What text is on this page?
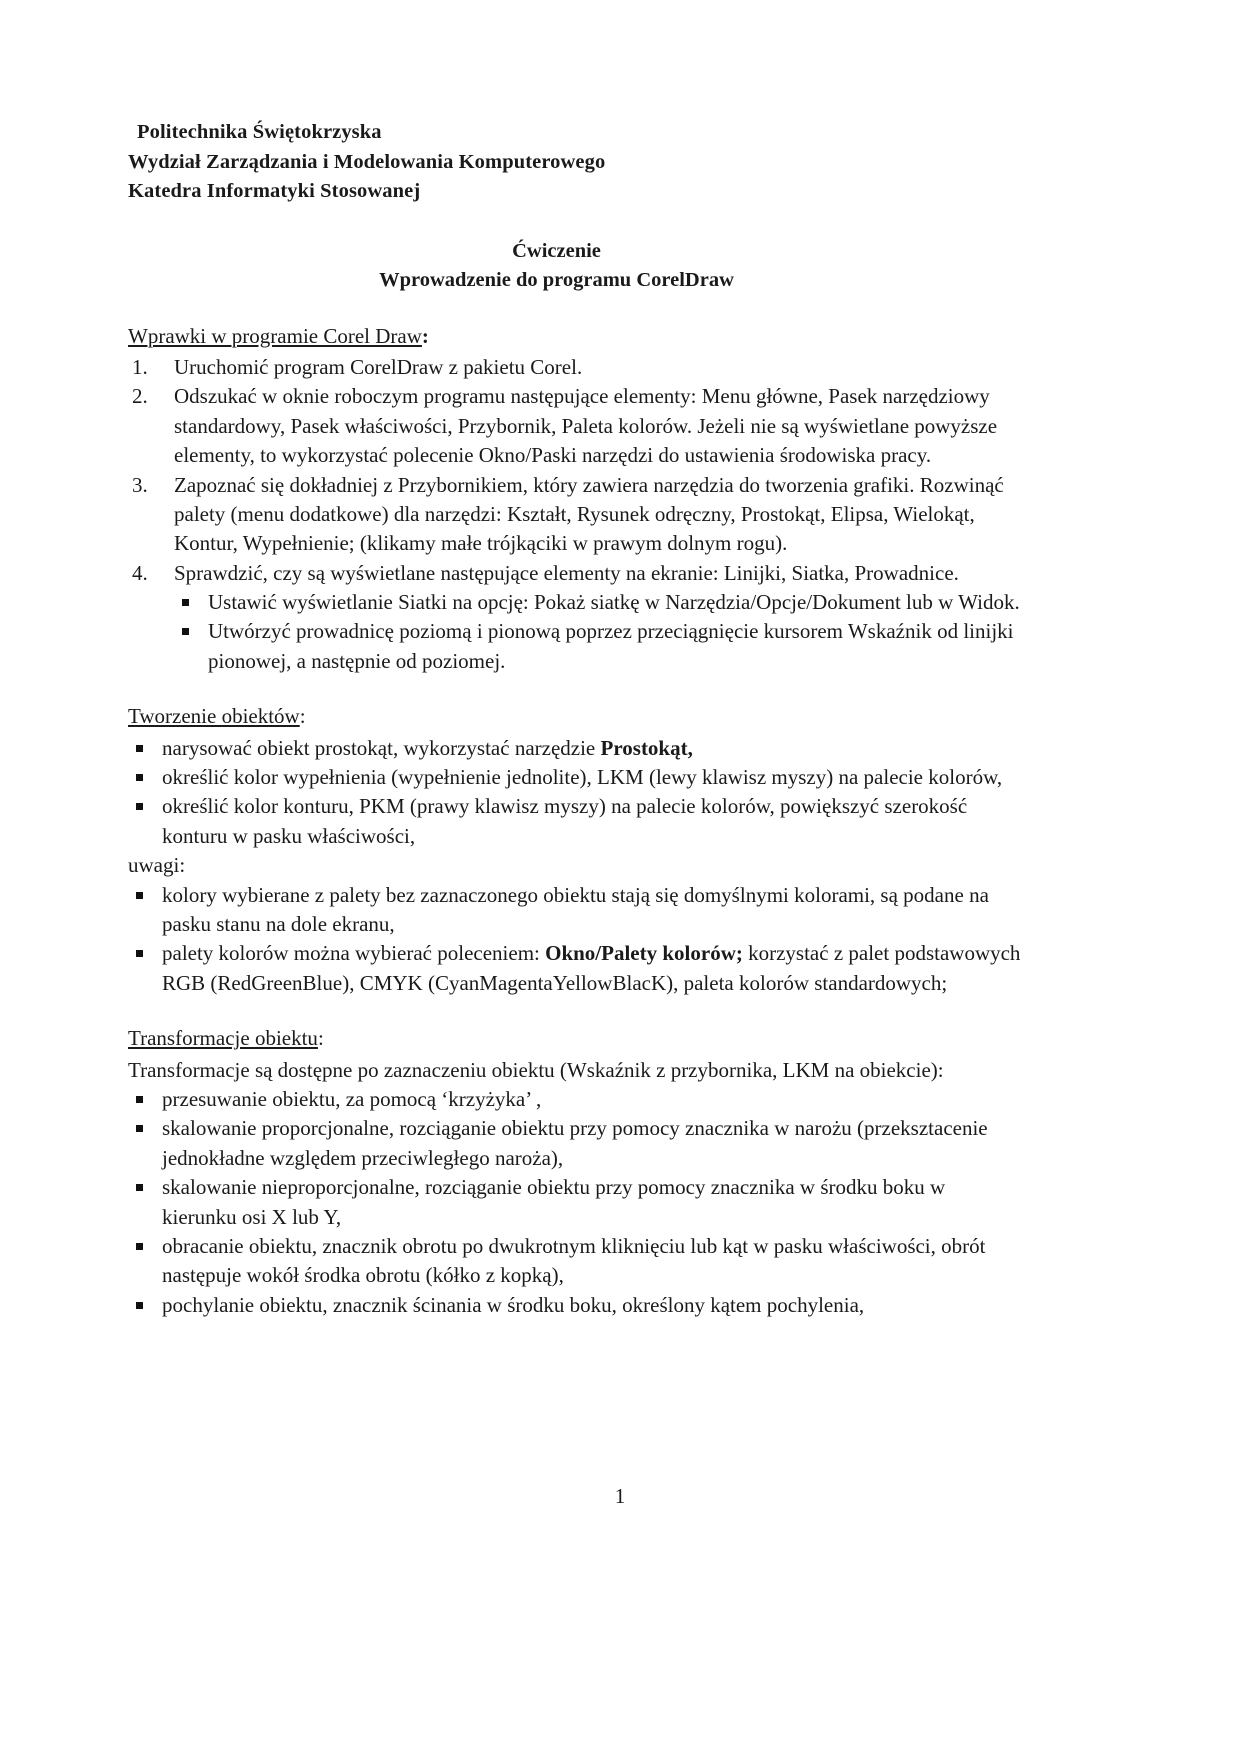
Politechnika Świętokrzyska
Wydział Zarządzania i Modelowania Komputerowego
Katedra Informatyki Stosowanej
Ćwiczenie
Wprowadzenie do programu CorelDraw

Wprawki w programie Corel Draw:

1.	Uruchomić program CorelDraw z pakietu Corel.
2.	Odszukać w oknie roboczym programu następujące elementy: Menu główne, Pasek narzędziowy standardowy, Pasek właściwości, Przybornik, Paleta kolorów. Jeżeli nie są wyświetlane powyższe elementy, to wykorzystać polecenie Okno/Paski narzędzi do ustawienia środowiska pracy.
3.	Zapoznać się dokładniej z Przybornikiem, który zawiera narzędzia do tworzenia grafiki. Rozwinąć palety (menu dodatkowe) dla narzędzi: Kształt, Rysunek odręczny, Prostokąt, Elipsa, Wielokąt, Kontur, Wypełnienie; (klikamy małe trójkąciki w prawym dolnym rogu).
4.	Sprawdzić, czy są wyświetlane następujące elementy na ekranie: Linijki, Siatka, Prowadnice.
Ustawić wyświetlanie Siatki na opcję: Pokaż siatkę w Narzędzia/Opcje/Dokument lub w Widok.
Utwórzyć prowadnicę poziomą i pionową poprzez przeciągnięcie kursorem Wskaźnik od linijki pionowej, a następnie od poziomej.

Tworzenie obiektów:

narysować obiekt prostokąt, wykorzystać narzędzie Prostokąt,
określić kolor wypełnienia (wypełnienie jednolite), LKM (lewy klawisz myszy) na palecie kolorów,
określić kolor konturu, PKM (prawy klawisz myszy) na palecie kolorów, powiększyć szerokość konturu w pasku właściwości,

uwagi:

kolory wybierane z palety bez zaznaczonego obiektu stają się domyślnymi kolorami, są podane na pasku stanu na dole ekranu,
palety kolorów można wybierać poleceniem: Okno/Palety kolorów; korzystać z palet podstawowych RGB (RedGreenBlue), CMYK (CyanMagentaYellowBlacK), paleta kolorów standardowych;

Transformacje obiektu:

Transformacje są dostępne po zaznaczeniu obiektu (Wskaźnik z przybornika, LKM na obiekcie):

przesuwanie obiektu, za pomocą ‘krzyżyka’ ,
skalowanie proporcjonalne, rozciąganie obiektu przy pomocy znacznika w narożu (przeksztacenie jednokładne względem przeciwległego naroża),
skalowanie nieproporcjonalne, rozciąganie obiektu przy pomocy znacznika w środku boku w kierunku osi X lub Y,
obracanie obiektu, znacznik obrotu po dwukrotnym kliknięciu lub kąt w pasku właściwości, obrót następuje wokół środka obrotu (kółko z kopką),
pochylanie obiektu, znacznik ścinania w środku boku, określony kątem pochylenia,
1
